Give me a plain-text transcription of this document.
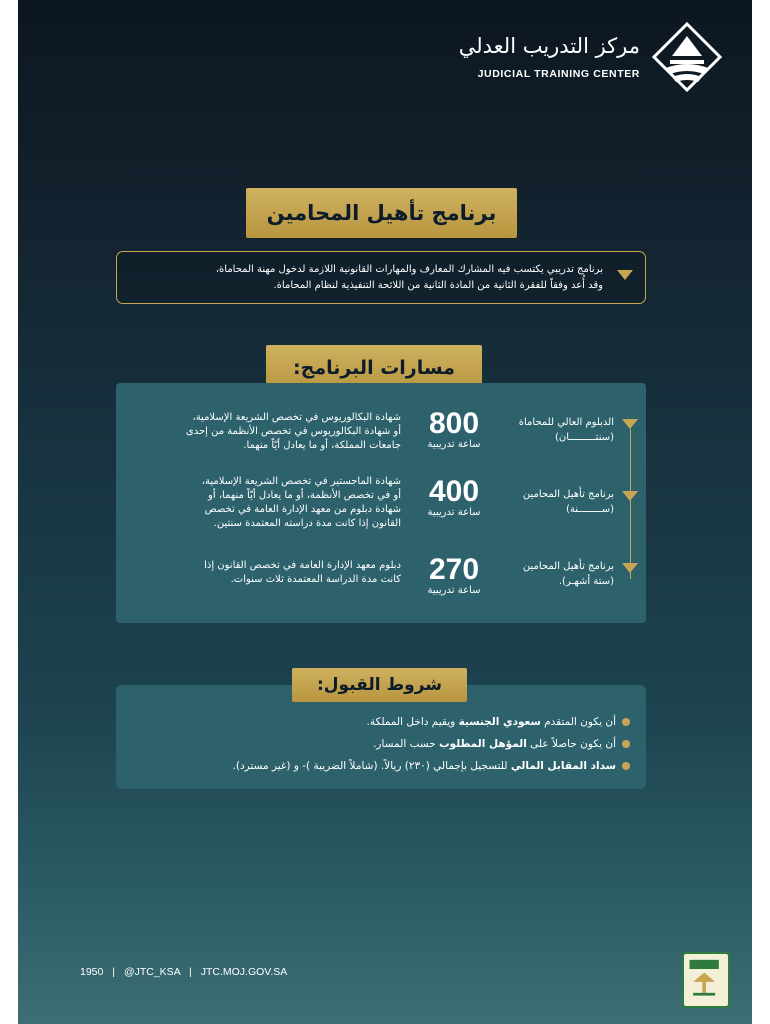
مركز التدريب العدلي
JUDICIAL TRAINING CENTER
برنامج تأهيل المحامين
برنامج تدريبي يكتسب فيه المشارك المعارف والمهارات القانونية اللازمة لدخول مهنة المحاماة،
وقد أُعد وفقاً للفقرة الثانية من المادة الثانية من اللائحة التنفيذية لنظام المحاماة.
مسارات البرنامج:
الدبلوم العالي للمحاماة
(سنتـــــــــان)
800
ساعة تدريبية
شهادة البكالوريوس في تخصص الشريعة الإسلامية،
أو شهادة البكالوريوس في تخصص الأنظمة من إحدى
جامعات المملكة، أو ما يعادل أيّاً منهما.
برنامج تأهيل المحامين
(ســــــــنة)
400
ساعة تدريبية
شهادة الماجستير في تخصص الشريعة الإسلامية،
أو في تخصص الأنظمة، أو ما يعادل أيّاً منهما، أو
شهادة دبلوم من معهد الإدارة العامة في تخصص
القانون إذا كانت مدة دراسته المعتمدة سنتين.
برنامج تأهيل المحامين
(ستة أشهـر).
270
ساعة تدريبية
دبلوم معهد الإدارة العامة في تخصص القانون إذا
كانت مدة الدراسة المعتمدة ثلاث سنوات.
أن يكون المتقدم سعودي الجنسية ويقيم داخل المملكة.
أن يكون حاصلاً على المؤهل المطلوب حسب المسار.
سداد المقابل المالي للتسجيل بإجمالي (٢٣٠) ريالاً. (شاملاً الضريبة )- و (غير مسترد).
شروط القبول:
1950 | @JTC_KSA | JTC.MOJ.GOV.SA
